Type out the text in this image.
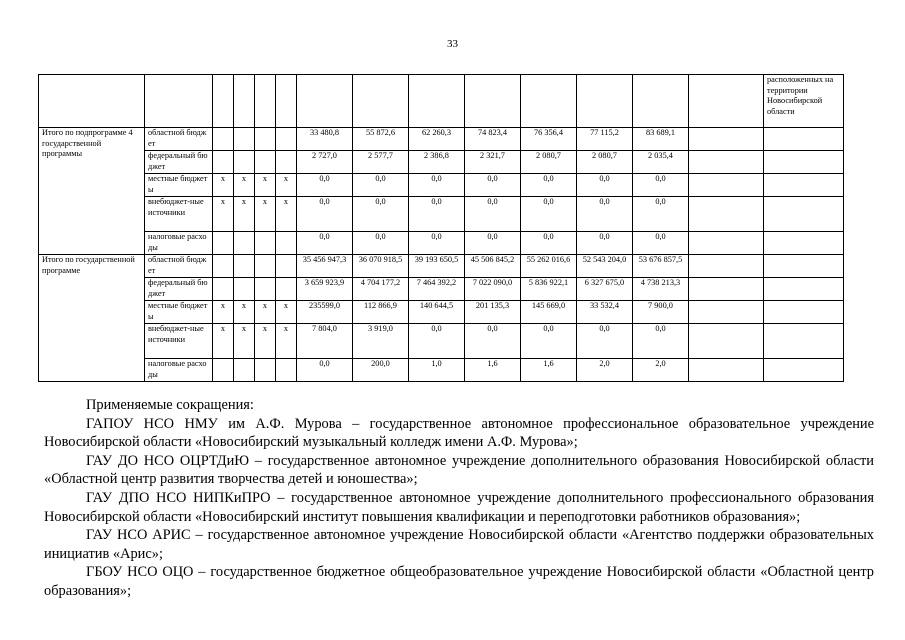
33
														расположенных на территории Новосибирской области
Итого по подпрограмме 4 государственной программы	областной бюджет					33 480,8	55 872,6	62 260,3	74 823,4	76 356,4	77 115,2	83 689,1		
	федеральный бюджет					2 727,0	2 577,7	2 386,8	2 321,7	2 080,7	2 080,7	2 035,4		
	местные бюджеты	x	x	x	x	0,0	0,0	0,0	0,0	0,0	0,0	0,0		
	внебюджет-ные источники	x	x	x	x	0,0	0,0	0,0	0,0	0,0	0,0	0,0		
	налоговые расходы					0,0	0,0	0,0	0,0	0,0	0,0	0,0		
Итого по государственной программе	областной бюджет					35 456 947,3	36 070 918,5	39 193 650,5	45 506 845,2	55 262 016,6	52 543 204,0	53 676 857,5		
	федеральный бюджет					3 659 923,9	4 704 177,2	7 464 392,2	7 022 090,0	5 836 922,1	6 327 675,0	4 738 213,3		
	местные бюджеты	x	x	x	x	235599,0	112 866,9	140 644,5	201 135,3	145 669,0	33 532,4	7 900,0		
	внебюджет-ные источники	x	x	x	x	7 804,0	3 919,0	0,0	0,0	0,0	0,0	0,0		
	налоговые расходы					0,0	200,0	1,0	1,6	1,6	2,0	2,0		

Применяемые сокращения:

ГАПОУ НСО НМУ им А.Ф. Мурова – государственное автономное профессиональное образовательное учреждение Новосибирской области «Новосибирский музыкальный колледж имени А.Ф. Мурова»;

ГАУ ДО НСО ОЦРТДиЮ – государственное автономное учреждение дополнительного образования Новосибирской области «Областной центр развития творчества детей и юношества»;

ГАУ ДПО НСО НИПКиПРО – государственное автономное учреждение дополнительного профессионального образования Новосибирской области «Новосибирский институт повышения квалификации и переподготовки работников образования»;

ГАУ НСО АРИС – государственное автономное учреждение Новосибирской области «Агентство поддержки образовательных инициатив «Арис»;

ГБОУ НСО ОЦО – государственное бюджетное общеобразовательное учреждение Новосибирской области «Областной центр образования»;
